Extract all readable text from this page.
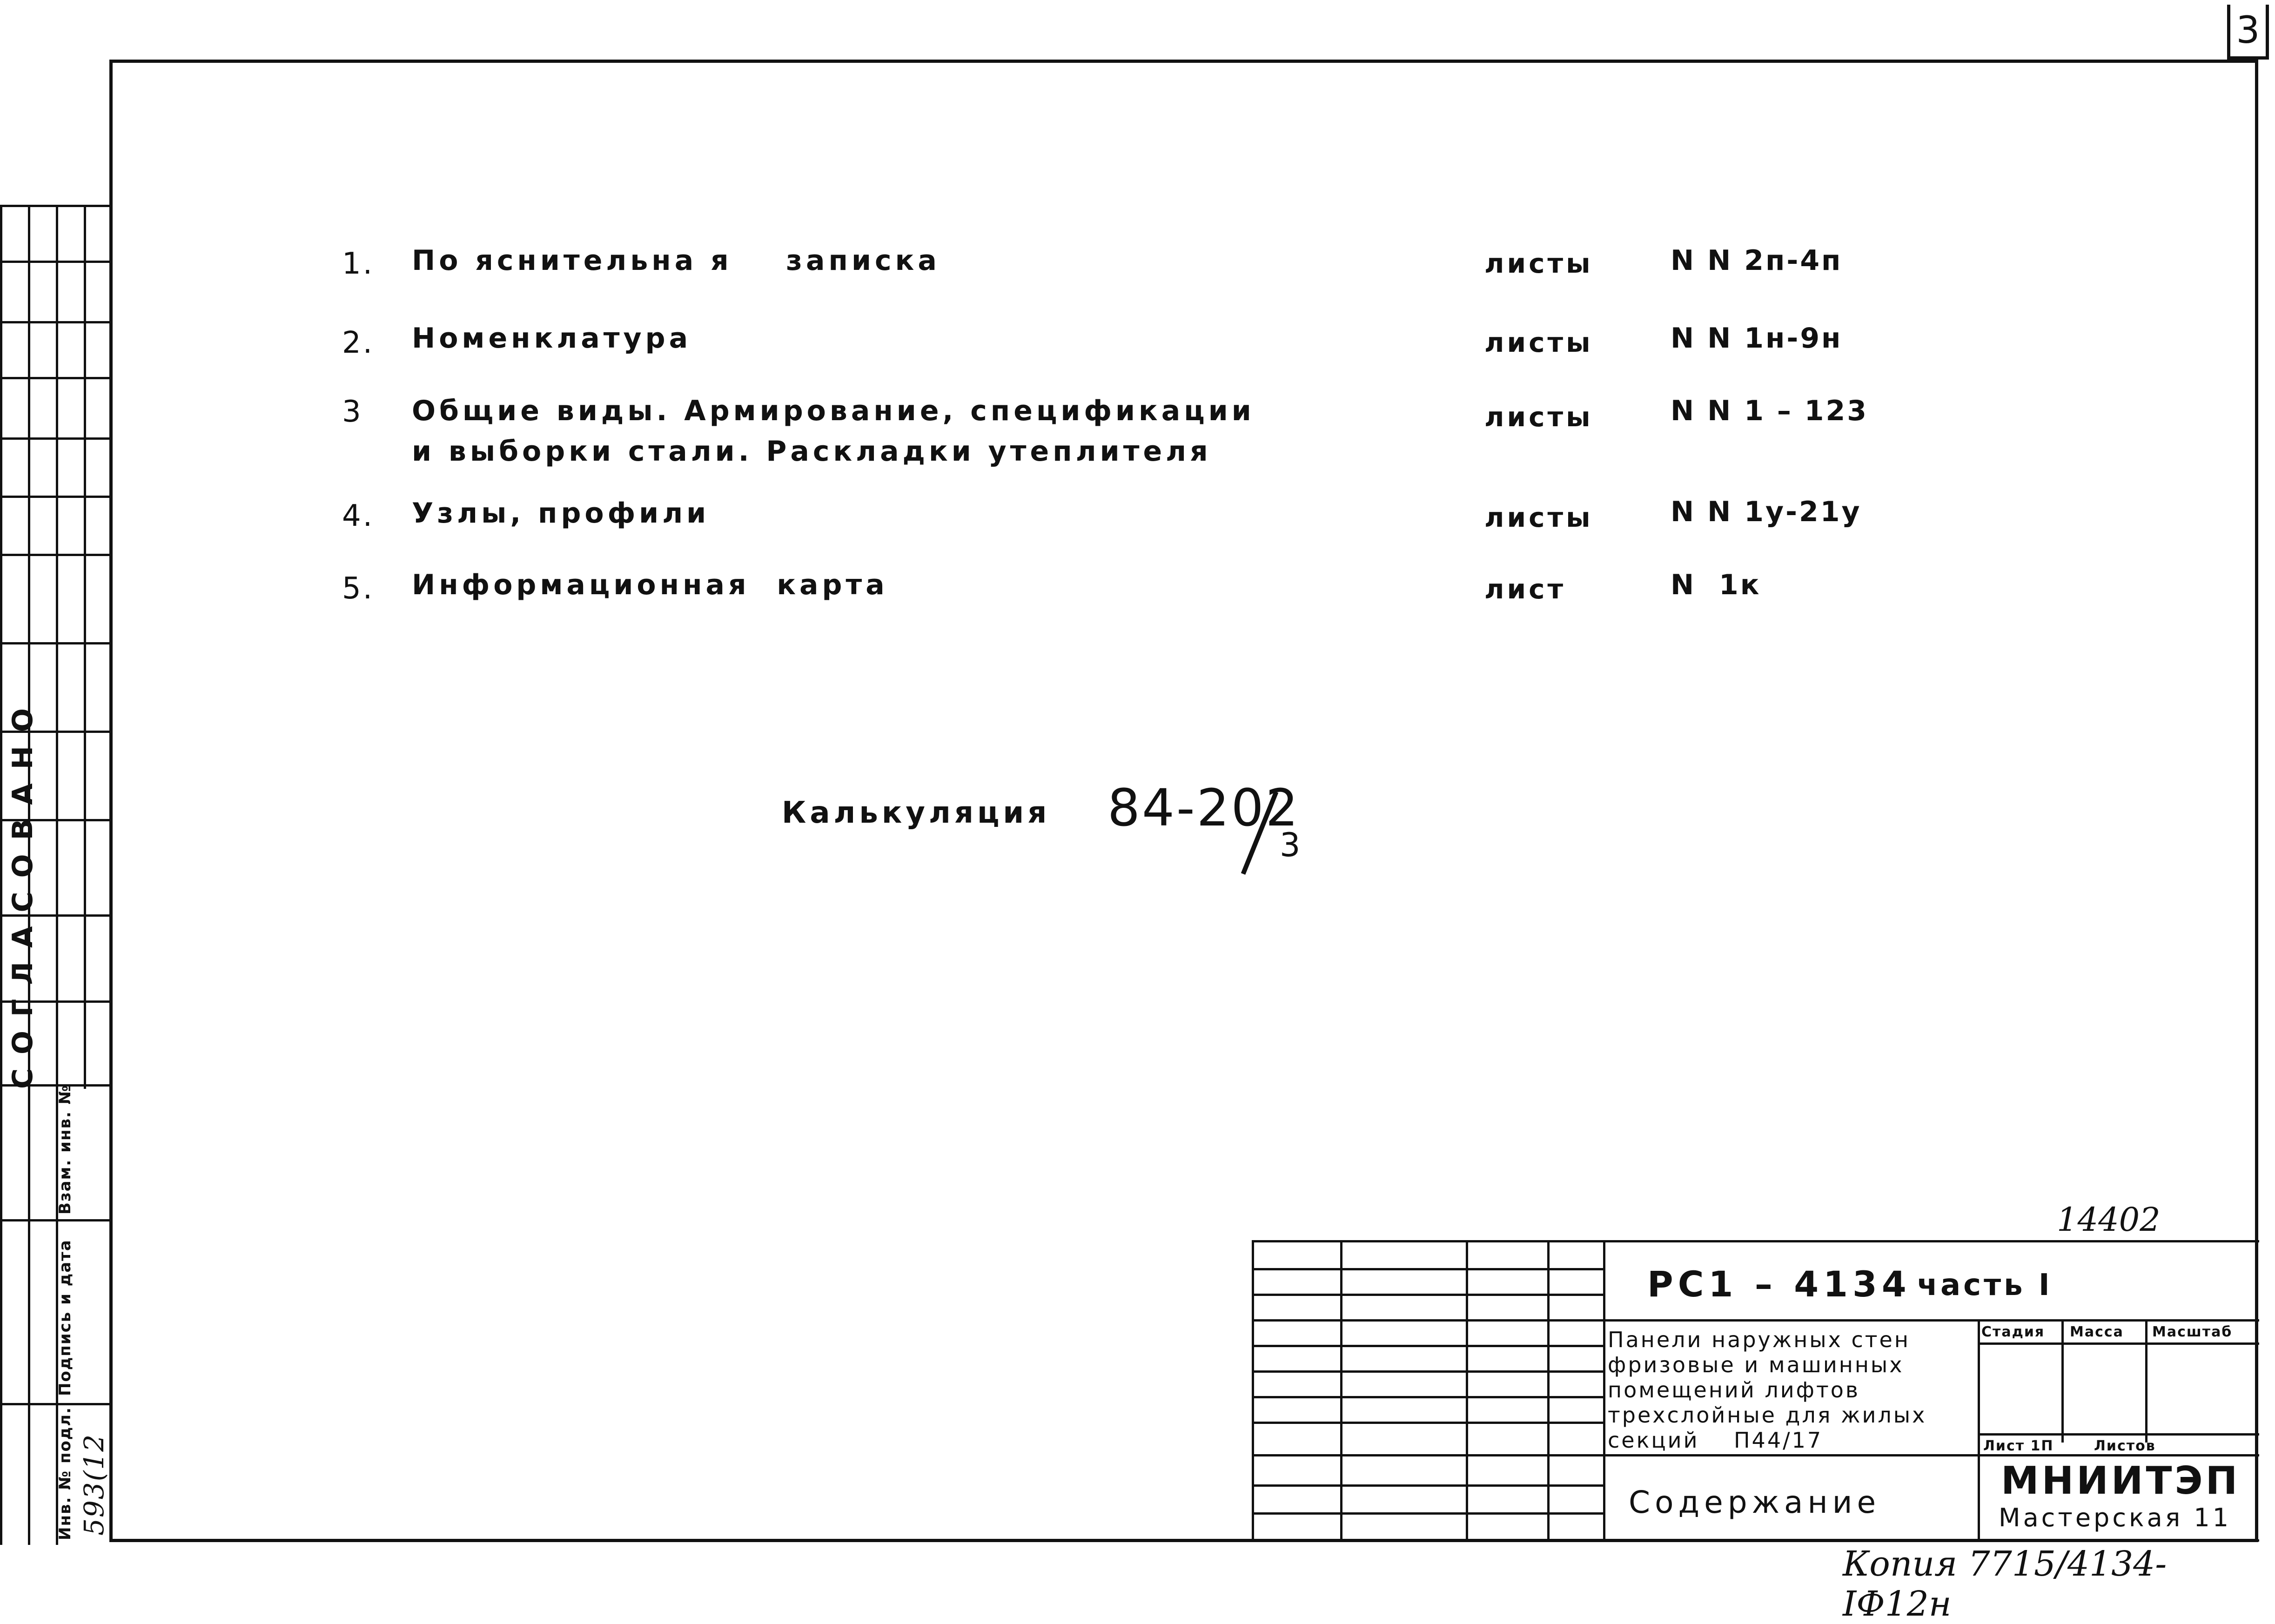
СОГЛАСОВАНО
Взам. инв. №
Подпись и дата
Инв. № подл. 593(12
3
1. По яснительна я    записка	листы	N N 2п-4п
2. Номенклатура	листы	N N 1н-9н
3 Общие виды. Армирование, спецификации
и выборки стали. Раскладки утеплителя
листы	N N 1 – 123
4. Узлы, профили	листы	N N 1у-21у
5. Информационная  карта	лист	N  1к
Калькуляция 84-202
3
14402
РС1 – 4134 часть I
Панели наружных стен
фризовые и машинных
помещений лифтов
трехслойные для жилых
секций    П44/17
Стадия Масса Масштаб
Лист 1П	Листов
Содержание	МНИИТЭП
Мастерская 11
Копия 7715/4134-IФ12н
